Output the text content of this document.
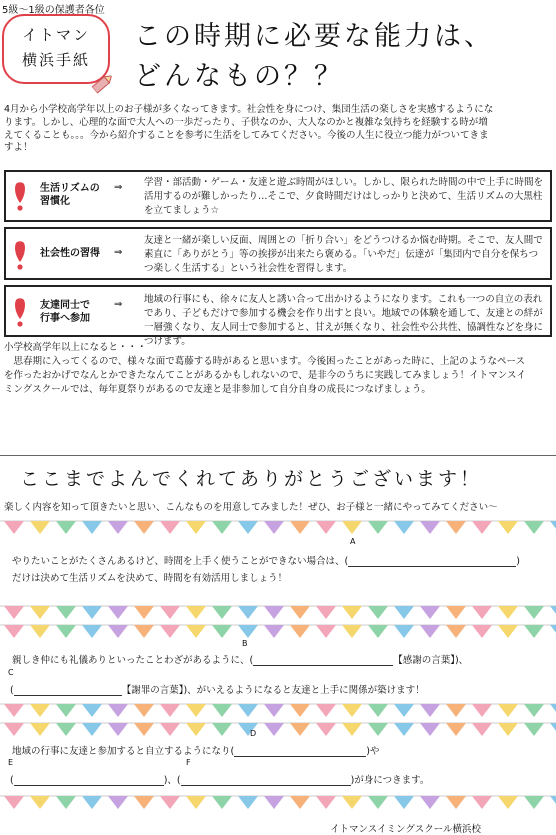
5級〜1級の保護者各位
イトマン
横浜手紙
この時期に必要な能力は、
どんなもの？？
4月から小学校高学年以上のお子様が多くなってきます。社会性を身につけ、集団生活の楽しさを実感するようになります。しかし、心理的な面で大人への一歩だったり、子供なのか、大人なのかと複雑な気持ちを経験する時が増えてくることも。。。今から紹介することを参考に生活をしてみてください。今後の人生に役立つ能力がついてきますよ！
生活リズムの
習慣化
⇒ 学習・部活動・ゲーム・友達と遊ぶ時間がほしい。しかし、限られた時間の中で上手に時間を活用するのが難しかったり…そこで、夕食時間だけはしっかりと決めて、生活リズムの大黒柱を立てましょう☆
社会性の習得 ⇒
友達と一緒が楽しい反面、周囲との「折り合い」をどうつけるか悩む時期。そこで、友人間で素直に「ありがとう」等の挨拶が出来たら褒める。「いやだ」伝達が「集団内で自分を保ちつつ楽しく生活する」という社会性を習得します。
友達同士で
行事へ参加
⇒ 地域の行事にも、徐々に友人と誘い合って出かけるようになります。これも一つの自立の表れであり、子どもだけで参加する機会を作り出すと良い。地域での体験を通して、友達との絆が一層強くなり、友人同士で参加すると、甘えが無くなり、社会性や公共性、協調性などを身につけます。
小学校高学年以上になると・・・
　思春期に入ってくるので、様々な面で葛藤する時があると思います。今後困ったことがあった時に、上記のようなペースを作ったおかげでなんとかできたなんてことがあるかもしれないので、是非今のうちに実践してみましょう！イトマンスイミングスクールでは、毎年夏祭りがあるので友達と是非参加して自分自身の成長につなげましょう。
ここまでよんでくれてありがとうございます！
楽しく内容を知って頂きたいと思い、こんなものを用意してみました！ぜひ、お子様と一緒にやってみてください〜
A
やりたいことがたくさんあるけど、時間を上手く使うことができない場合は、(	)
だけは決めて生活リズムを決めて、時間を有効活用しましょう！
B
親しき仲にも礼儀ありといったことわざがあるように、(	【感謝の言葉】)、
C
(	【謝罪の言葉】)、がいえるようになると友達と上手に関係が築けます！
D
地域の行事に友達と参加すると自立するようになり(	)や
E	F
(	)、(	)が身につきます。
イトマンスイミングスクール横浜校
